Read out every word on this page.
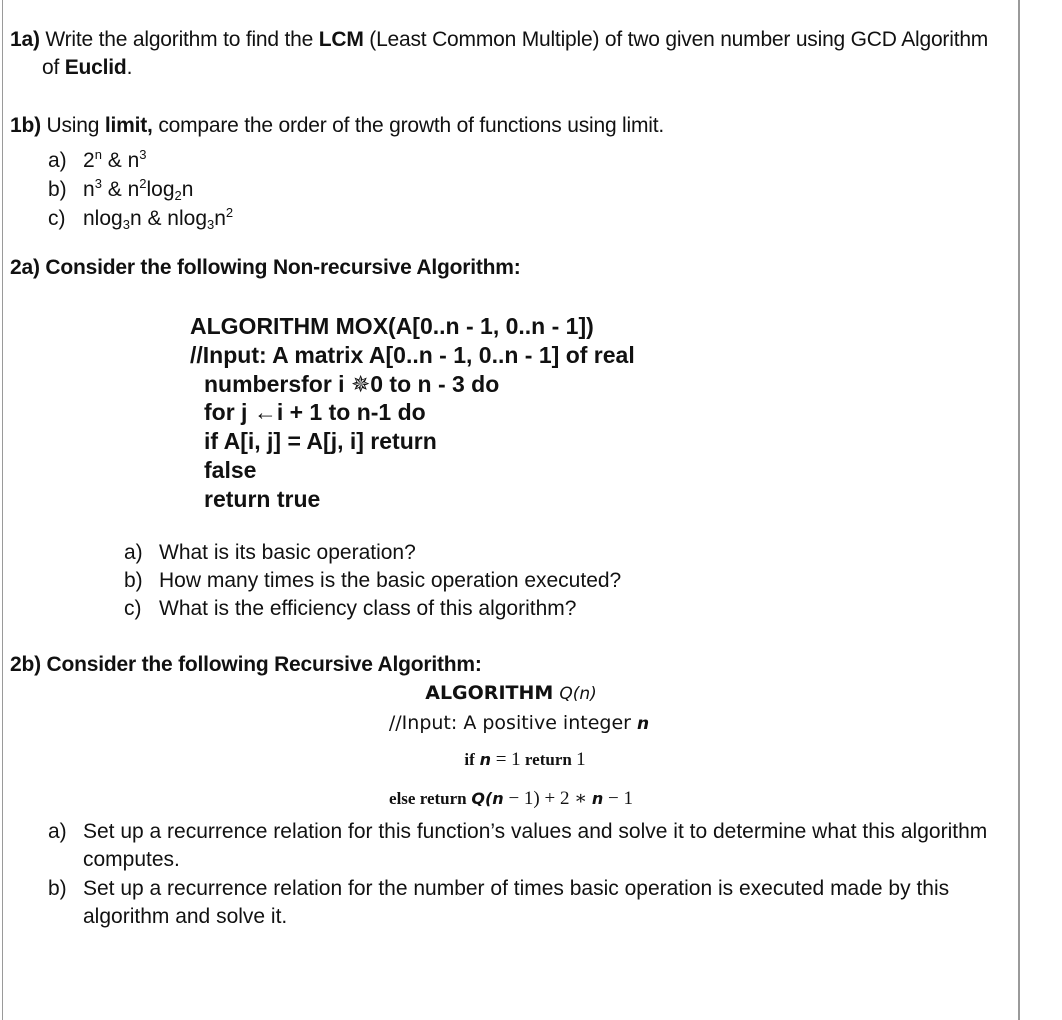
1a) Write the algorithm to find the LCM (Least Common Multiple) of two given number using GCD Algorithm
of Euclid.
1b) Using limit, compare the order of the growth of functions using limit.
a) 2$^n$ & $n^3$
b) $n^3$ & $n^2\log_2n$
c) nlog$_3$n & $nlog_3n^2$
2a) Consider the following Non-recursive Algorithm:
ALGORITHM MOX(A[0..n - 1, 0..n - 1])
//Input: A matrix A[0..n - 1, 0..n - 1] of real
numbersfor i ✵0 to n - 3 do
for j ←i + 1 to n-1 do
if A[i, j] = A[j, i] return
false
return true
a) What is its basic operation?
b) How many times is the basic operation executed?
c) What is the efficiency class of this algorithm?
2b) Consider the following Recursive Algorithm:
ALGORITHM Q(n)
//Input: A positive integer n
if n = 1 return 1
else return Q(n − 1) + 2 ∗ n − 1
a) Set up a recurrence relation for this function’s values and solve it to determine what this algorithm
computes.
b) Set up a recurrence relation for the number of times basic operation is executed made by this
algorithm and solve it.
